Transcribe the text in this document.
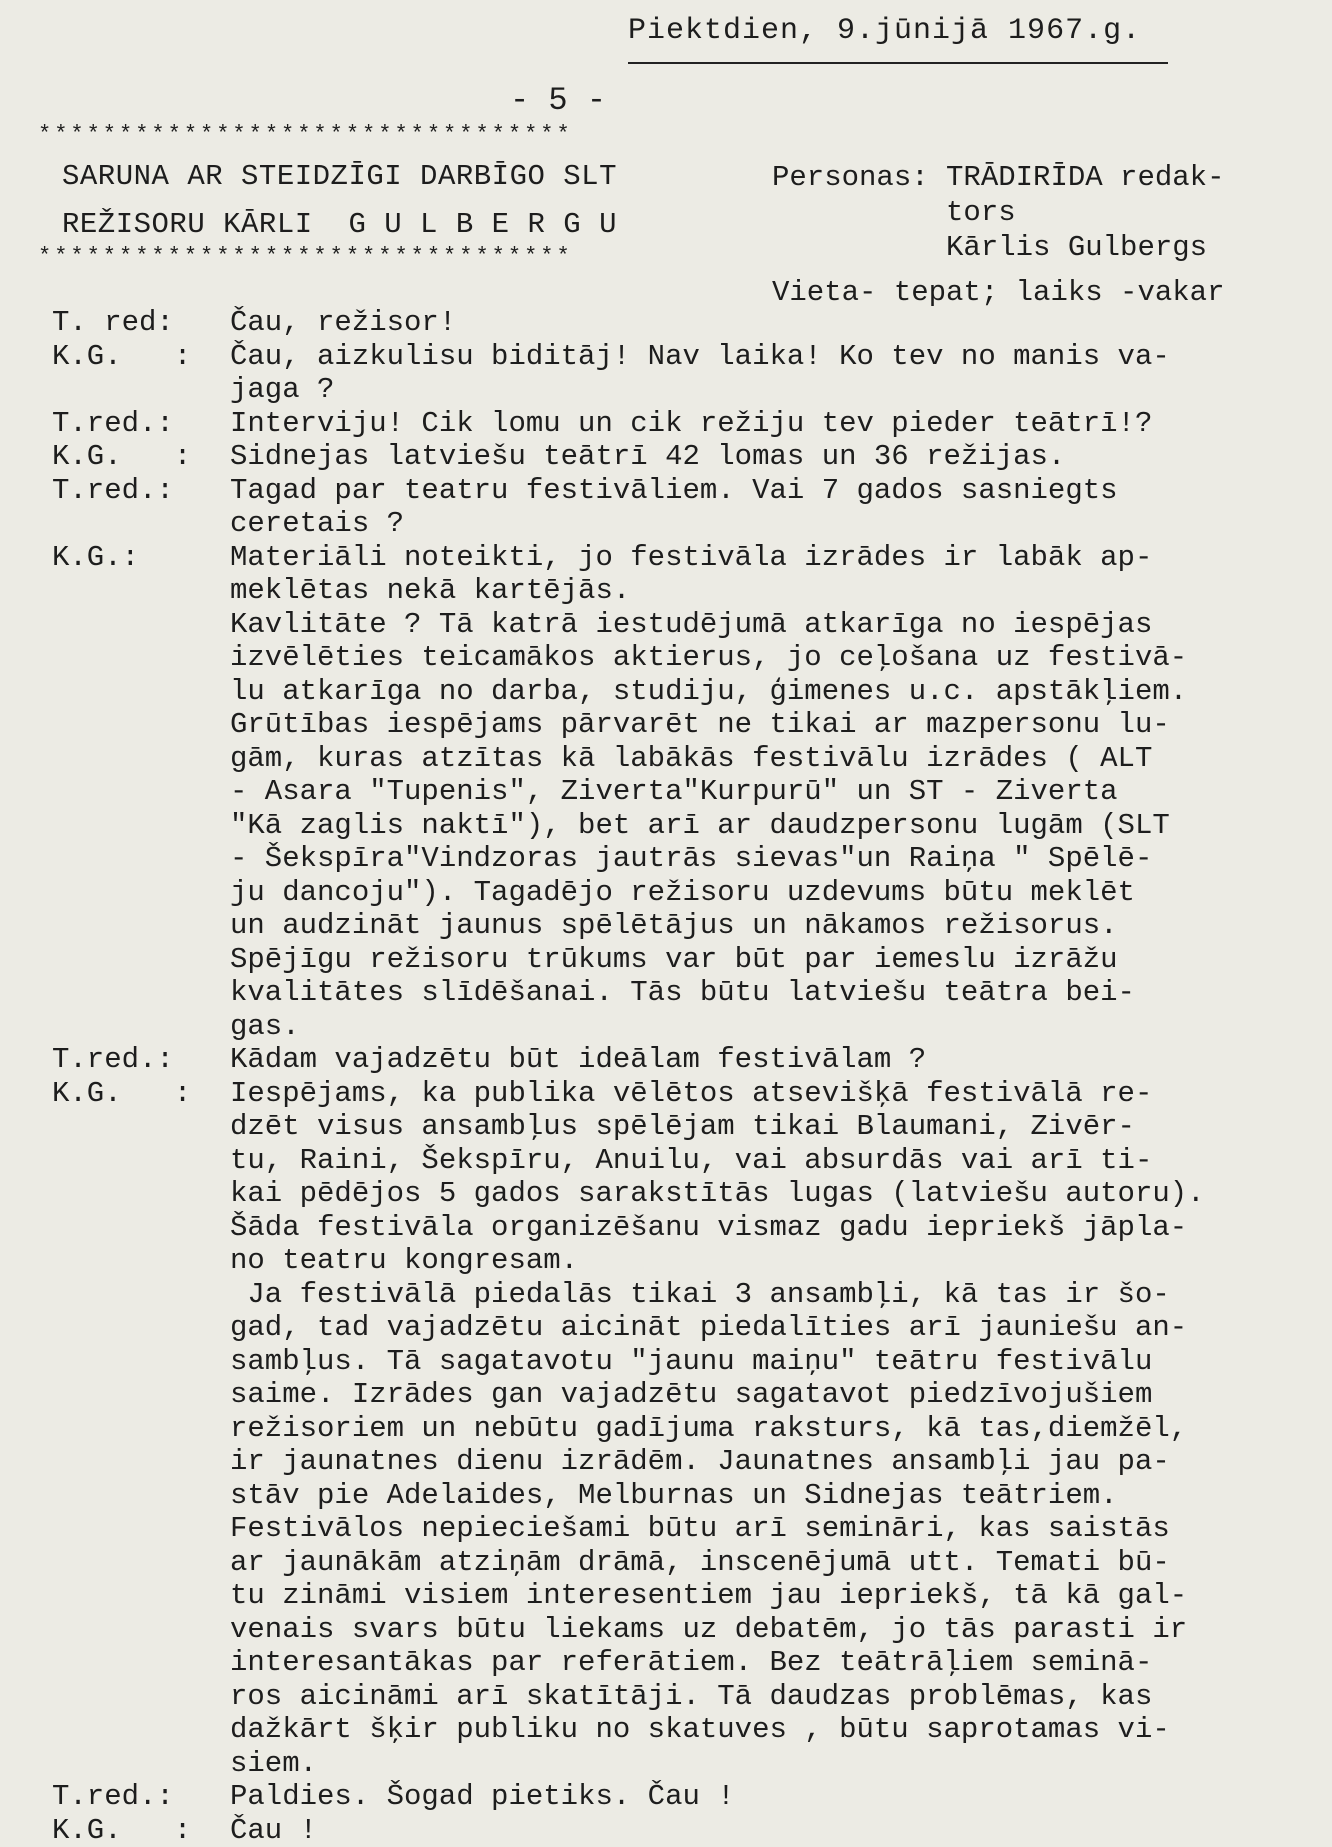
Piektdien, 9.jūnijā 1967.g.
- 5 -
*********************************
SARUNA AR STEIDZĪGI DARBĪGO SLT
REŽISORU KĀRLI  G U L B E R G U
*********************************
Personas: TRĀDIRĪDA redak-
tors
Kārlis Gulbergs
Vieta- tepat; laiks -vakar
T. red:	Čau, režisor!
K.G.   :	Čau, aizkulisu biditāj! Nav laika! Ko tev no manis va-
jaga ?
T.red.:	Interviju! Cik lomu un cik režiju tev pieder teātrī!?
K.G.   :	Sidnejas latviešu teātrī 42 lomas un 36 režijas.
T.red.:	Tagad par teatru festivāliem. Vai 7 gados sasniegts
ceretais ?
K.G.:	Materiāli noteikti, jo festivāla izrādes ir labāk ap-
meklētas nekā kartējās.
Kavlitāte ? Tā katrā iestudējumā atkarīga no iespējas
izvēlēties teicamākos aktierus, jo ceļošana uz festivā-
lu atkarīga no darba, studiju, ģimenes u.c. apstākļiem.
Grūtības iespējams pārvarēt ne tikai ar mazpersonu lu-
gām, kuras atzītas kā labākās festivālu izrādes ( ALT
- Asara "Tupenis", Ziverta"Kurpurū" un ST - Ziverta
"Kā zaglis naktī"), bet arī ar daudzpersonu lugām (SLT
- Šekspīra"Vindzoras jautrās sievas"un Raiņa " Spēlē-
ju dancoju"). Tagadējo režisoru uzdevums būtu meklēt
un audzināt jaunus spēlētājus un nākamos režisorus.
Spējīgu režisoru trūkums var būt par iemeslu izrāžu
kvalitātes slīdēšanai. Tās būtu latviešu teātra bei-
gas.
T.red.:	Kādam vajadzētu būt ideālam festivālam ?
K.G.   :	Iespējams, ka publika vēlētos atsevišķā festivālā re-
dzēt visus ansambļus spēlējam tikai Blaumani, Zivēr-
tu, Raini, Šekspīru, Anuilu, vai absurdās vai arī ti-
kai pēdējos 5 gados sarakstītās lugas (latviešu autoru).
Šāda festivāla organizēšanu vismaz gadu iepriekš jāpla-
no teatru kongresam.
Ja festivālā piedalās tikai 3 ansambļi, kā tas ir šo-
gad, tad vajadzētu aicināt piedalīties arī jauniešu an-
sambļus. Tā sagatavotu "jaunu maiņu" teātru festivālu
saime. Izrādes gan vajadzētu sagatavot piedzīvojušiem
režisoriem un nebūtu gadījuma raksturs, kā tas,diemžēl,
ir jaunatnes dienu izrādēm. Jaunatnes ansambļi jau pa-
stāv pie Adelaides, Melburnas un Sidnejas teātriem.
Festivālos nepieciešami būtu arī semināri, kas saistās
ar jaunākām atziņām drāmā, inscenējumā utt. Temati bū-
tu zināmi visiem interesentiem jau iepriekš, tā kā gal-
venais svars būtu liekams uz debatēm, jo tās parasti ir
interesantākas par referātiem. Bez teātrāļiem seminā-
ros aicināmi arī skatītāji. Tā daudzas problēmas, kas
dažkārt šķir publiku no skatuves , būtu saprotamas vi-
siem.
T.red.:	Paldies. Šogad pietiks. Čau !
K.G.   :	Čau !
